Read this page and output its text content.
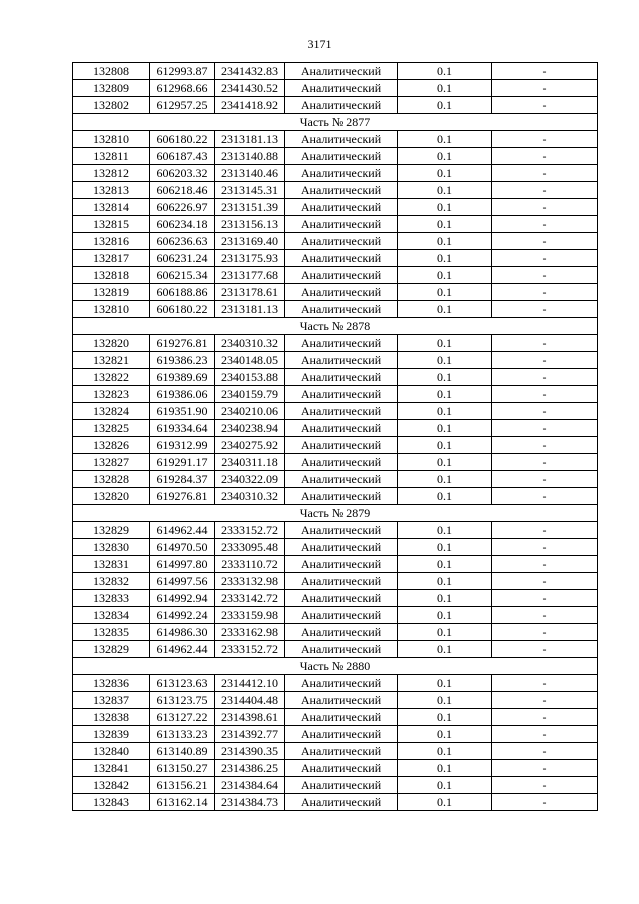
3171
132808	612993.87	2341432.83	Аналитический	0.1	-
132809	612968.66	2341430.52	Аналитический	0.1	-
132802	612957.25	2341418.92	Аналитический	0.1	-
Часть № 2877					
132810	606180.22	2313181.13	Аналитический	0.1	-
132811	606187.43	2313140.88	Аналитический	0.1	-
132812	606203.32	2313140.46	Аналитический	0.1	-
132813	606218.46	2313145.31	Аналитический	0.1	-
132814	606226.97	2313151.39	Аналитический	0.1	-
132815	606234.18	2313156.13	Аналитический	0.1	-
132816	606236.63	2313169.40	Аналитический	0.1	-
132817	606231.24	2313175.93	Аналитический	0.1	-
132818	606215.34	2313177.68	Аналитический	0.1	-
132819	606188.86	2313178.61	Аналитический	0.1	-
132810	606180.22	2313181.13	Аналитический	0.1	-
Часть № 2878					
132820	619276.81	2340310.32	Аналитический	0.1	-
132821	619386.23	2340148.05	Аналитический	0.1	-
132822	619389.69	2340153.88	Аналитический	0.1	-
132823	619386.06	2340159.79	Аналитический	0.1	-
132824	619351.90	2340210.06	Аналитический	0.1	-
132825	619334.64	2340238.94	Аналитический	0.1	-
132826	619312.99	2340275.92	Аналитический	0.1	-
132827	619291.17	2340311.18	Аналитический	0.1	-
132828	619284.37	2340322.09	Аналитический	0.1	-
132820	619276.81	2340310.32	Аналитический	0.1	-
Часть № 2879					
132829	614962.44	2333152.72	Аналитический	0.1	-
132830	614970.50	2333095.48	Аналитический	0.1	-
132831	614997.80	2333110.72	Аналитический	0.1	-
132832	614997.56	2333132.98	Аналитический	0.1	-
132833	614992.94	2333142.72	Аналитический	0.1	-
132834	614992.24	2333159.98	Аналитический	0.1	-
132835	614986.30	2333162.98	Аналитический	0.1	-
132829	614962.44	2333152.72	Аналитический	0.1	-
Часть № 2880					
132836	613123.63	2314412.10	Аналитический	0.1	-
132837	613123.75	2314404.48	Аналитический	0.1	-
132838	613127.22	2314398.61	Аналитический	0.1	-
132839	613133.23	2314392.77	Аналитический	0.1	-
132840	613140.89	2314390.35	Аналитический	0.1	-
132841	613150.27	2314386.25	Аналитический	0.1	-
132842	613156.21	2314384.64	Аналитический	0.1	-
132843	613162.14	2314384.73	Аналитический	0.1	-
